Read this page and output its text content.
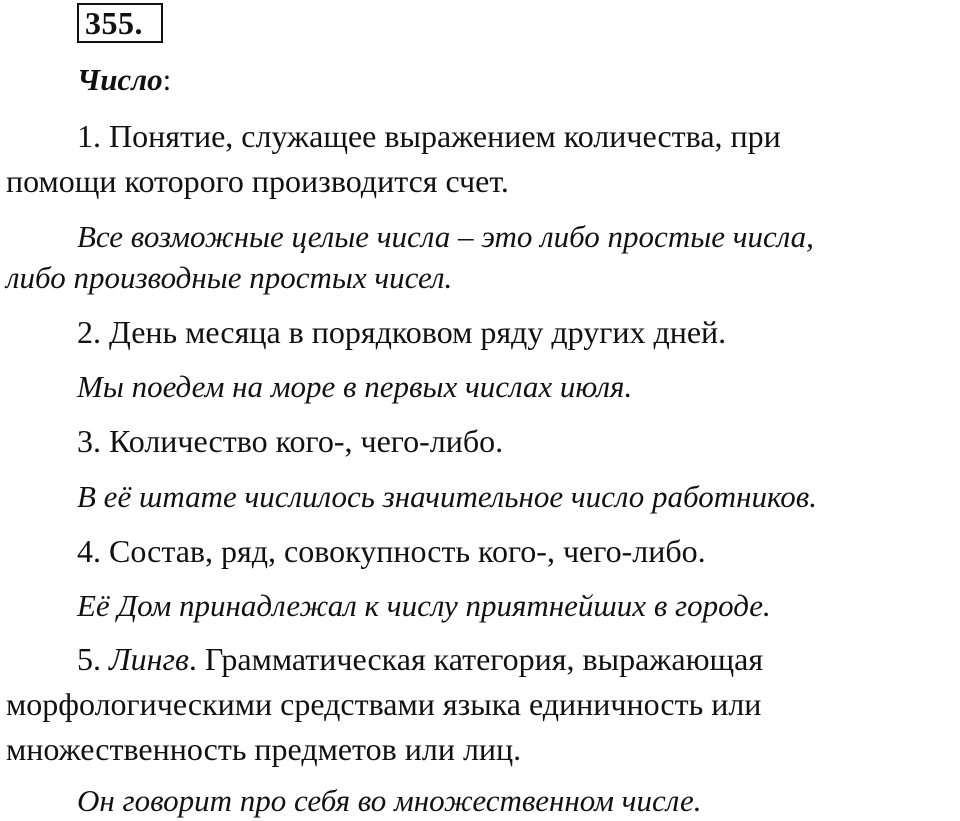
355.
Число:
1. Понятие, служащее выражением количества, при
помощи которого производится счет.
Все возможные целые числа – это либо простые числа,
либо производные простых чисел.
2. День месяца в порядковом ряду других дней.
Мы поедем на море в первых числах июля.
3. Количество кого-, чего-либо.
В её штате числилось значительное число работников.
4. Состав, ряд, совокупность кого-, чего-либо.
Её Дом принадлежал к числу приятнейших в городе.
5. Лингв. Грамматическая категория, выражающая
морфологическими средствами языка единичность или
множественность предметов или лиц.
Он говорит про себя во множественном числе.
